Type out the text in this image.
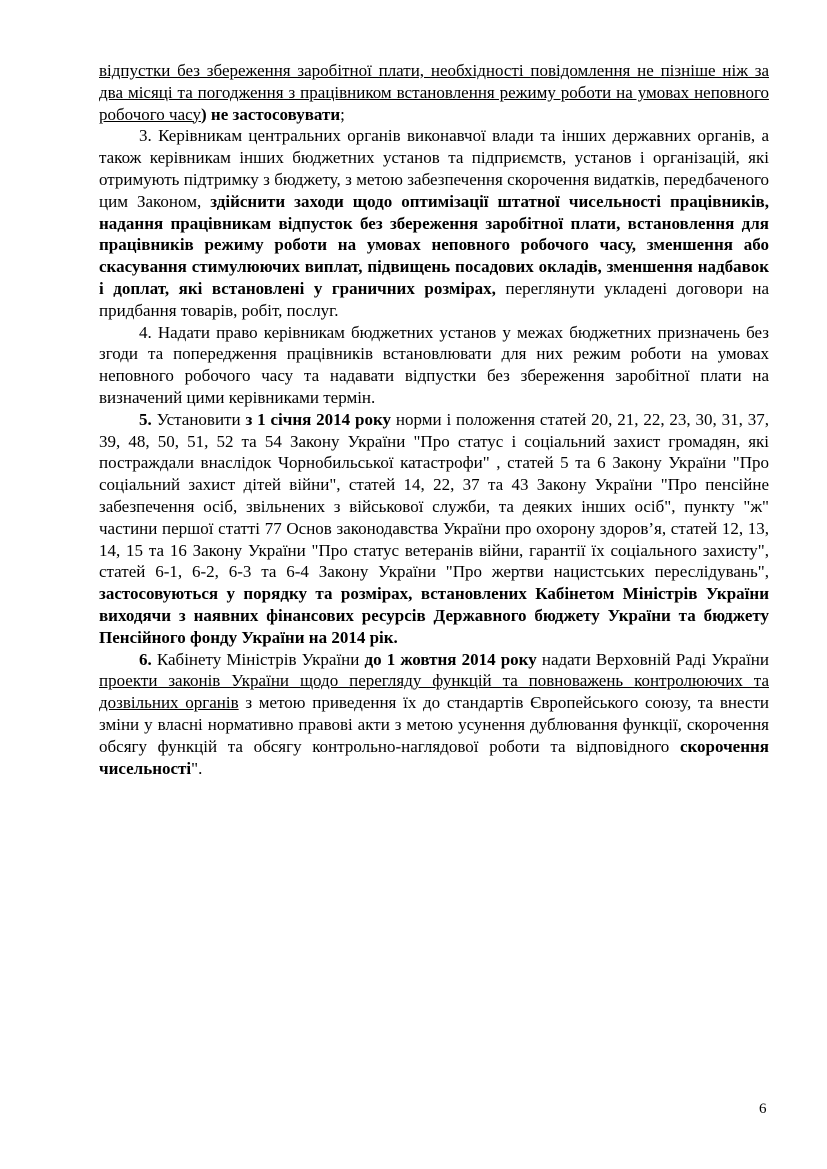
відпустки без збереження заробітної плати, необхідності повідомлення не пізніше ніж за два місяці та погодження з працівником встановлення режиму роботи на умовах неповного робочого часу) не застосовувати;

3. Керівникам центральних органів виконавчої влади та інших державних органів, а також керівникам інших бюджетних установ та підприємств, установ і організацій, які отримують підтримку з бюджету, з метою забезпечення скорочення видатків, передбаченого цим Законом, здійснити заходи щодо оптимізації штатної чисельності працівників, надання працівникам відпусток без збереження заробітної плати, встановлення для працівників режиму роботи на умовах неповного робочого часу, зменшення або скасування стимулюючих виплат, підвищень посадових окладів, зменшення надбавок і доплат, які встановлені у граничних розмірах, переглянути укладені договори на придбання товарів, робіт, послуг.

4. Надати право керівникам бюджетних установ у межах бюджетних призначень без згоди та попередження працівників встановлювати для них режим роботи на умовах неповного робочого часу та надавати відпустки без збереження заробітної плати на визначений цими керівниками термін.

5. Установити з 1 січня 2014 року норми і положення статей 20, 21, 22, 23, 30, 31, 37, 39, 48, 50, 51, 52 та 54 Закону України "Про статус і соціальний захист громадян, які постраждали внаслідок Чорнобильської катастрофи" , статей 5 та 6 Закону України "Про соціальний захист дітей війни", статей 14, 22, 37 та 43 Закону України "Про пенсійне забезпечення осіб, звільнених з військової служби, та деяких інших осіб", пункту "ж" частини першої статті 77 Основ законодавства України про охорону здоров’я, статей 12, 13, 14, 15 та 16 Закону України "Про статус ветеранів війни, гарантії їх соціального захисту", статей 6-1, 6-2, 6-3 та 6-4 Закону України "Про жертви нацистських переслідувань", застосовуються у порядку та розмірах, встановлених Кабінетом Міністрів України виходячи з наявних фінансових ресурсів Державного бюджету України та бюджету Пенсійного фонду України на 2014 рік.

6. Кабінету Міністрів України до 1 жовтня 2014 року надати Верховній Раді України проекти законів України щодо перегляду функцій та повноважень контролюючих та дозвільних органів з метою приведення їх до стандартів Європейського союзу, та внести зміни у власні нормативно правові акти з метою усунення дублювання функції, скорочення обсягу функцій та обсягу контрольно-наглядової роботи та відповідного скорочення чисельності".

6
